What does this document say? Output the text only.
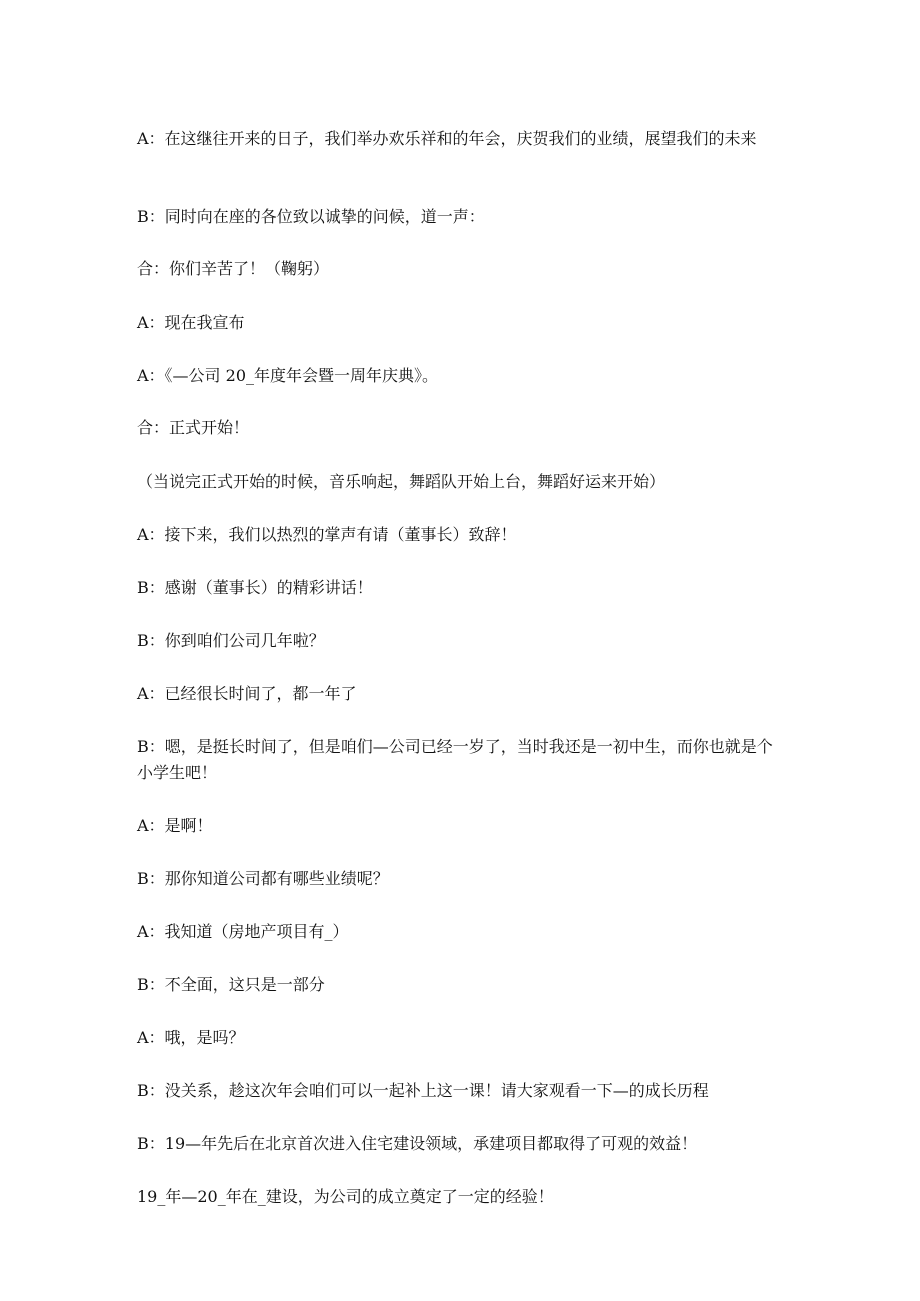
A：在这继往开来的日子，我们举办欢乐祥和的年会，庆贺我们的业绩，展望我们的未来

B：同时向在座的各位致以诚挚的问候，道一声：

合：你们辛苦了！（鞠躬）

A：现在我宣布

A：《—公司 20_年度年会暨一周年庆典》。

合：正式开始！

（当说完正式开始的时候，音乐响起，舞蹈队开始上台，舞蹈好运来开始）

A：接下来，我们以热烈的掌声有请（董事长）致辞！

B：感谢（董事长）的精彩讲话！

B：你到咱们公司几年啦？

A：已经很长时间了，都一年了

B：嗯，是挺长时间了，但是咱们—公司已经一岁了，当时我还是一初中生，而你也就是个小学生吧！

A：是啊！

B：那你知道公司都有哪些业绩呢？

A：我知道（房地产项目有_）

B：不全面，这只是一部分

A：哦，是吗？

B：没关系，趁这次年会咱们可以一起补上这一课！请大家观看一下—的成长历程

B：19—年先后在北京首次进入住宅建设领域，承建项目都取得了可观的效益！

19_年—20_年在_建设，为公司的成立奠定了一定的经验！
